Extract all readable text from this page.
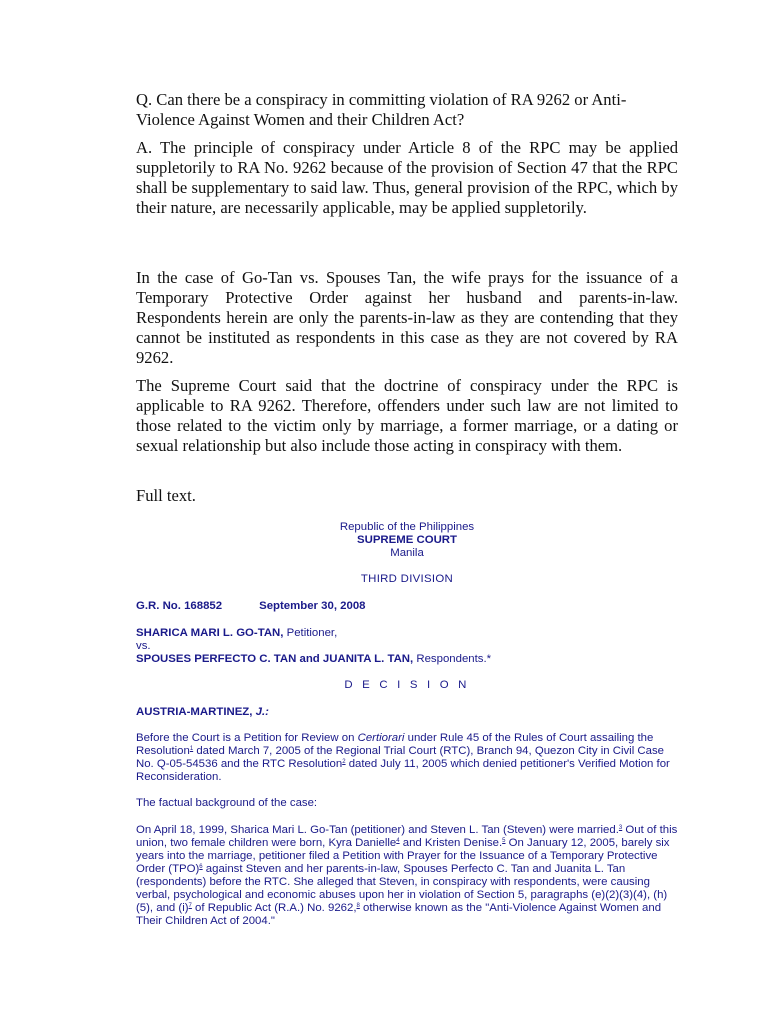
Q. Can there be a conspiracy in committing violation of RA 9262 or Anti-Violence Against Women and their Children Act?

A. The principle of conspiracy under Article 8 of the RPC may be applied suppletorily to RA No. 9262 because of the provision of Section 47 that the RPC shall be supplementary to said law. Thus, general provision of the RPC, which by their nature, are necessarily applicable, may be applied suppletorily.

In the case of Go-Tan vs. Spouses Tan, the wife prays for the issuance of a Temporary Protective Order against her husband and parents-in-law. Respondents herein are only the parents-in-law as they are contending that they cannot be instituted as respondents in this case as they are not covered by RA 9262.

The Supreme Court said that the doctrine of conspiracy under the RPC is applicable to RA 9262. Therefore, offenders under such law are not limited to those related to the victim only by marriage, a former marriage, or a dating or sexual relationship but also include those acting in conspiracy with them.

Full text.

Republic of the Philippines
SUPREME COURT
Manila
THIRD DIVISION
G.R. No. 168852	September 30, 2008
SHARICA MARI L. GO-TAN, Petitioner,
vs.
SPOUSES PERFECTO C. TAN and JUANITA L. TAN, Respondents.*
D E C I S I O N
AUSTRIA-MARTINEZ, J.:
Before the Court is a Petition for Review on Certiorari under Rule 45 of the Rules of Court assailing the Resolution$^1$ dated March 7, 2005 of the Regional Trial Court (RTC), Branch 94, Quezon City in Civil Case No. Q-05-54536 and the RTC Resolution$^2$ dated July 11, 2005 which denied petitioner's Verified Motion for Reconsideration.
The factual background of the case:
On April 18, 1999, Sharica Mari L. Go-Tan (petitioner) and Steven L. Tan (Steven) were married.$^3$ Out of this union, two female children were born, Kyra Danielle$^4$ and Kristen Denise.$^5$ On January 12, 2005, barely six years into the marriage, petitioner filed a Petition with Prayer for the Issuance of a Temporary Protective Order (TPO)$^6$ against Steven and her parents-in-law, Spouses Perfecto C. Tan and Juanita L. Tan (respondents) before the RTC. She alleged that Steven, in conspiracy with respondents, were causing verbal, psychological and economic abuses upon her in violation of Section 5, paragraphs (e)(2)(3)(4), (h)(5), and (i)$^7$ of Republic Act (R.A.) No. 9262,$^8$ otherwise known as the "Anti-Violence Against Women and Their Children Act of 2004."
